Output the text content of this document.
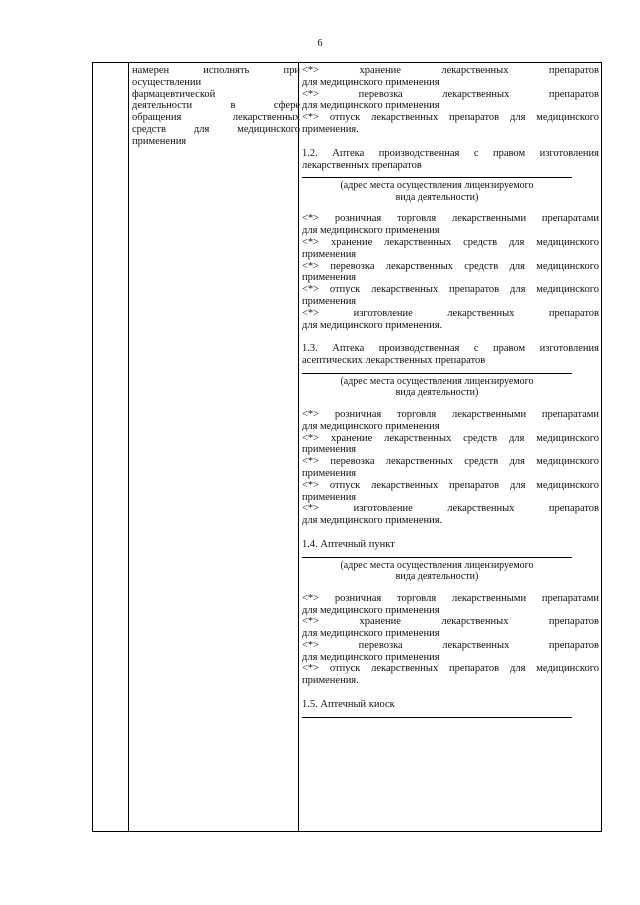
6
намерен исполнять при
осуществлении
фармацевтической
деятельности в сфере
обращения лекарственных
средств для медицинского
применения
<*> хранение лекарственных препаратов
для медицинского применения
<*> перевозка лекарственных препаратов
для медицинского применения
<*> отпуск лекарственных препаратов для медицинского
применения.
1.2. Аптека производственная с правом изготовления
лекарственных препаратов
(адрес места осуществления лицензируемого
вида деятельности)
<*> розничная торговля лекарственными препаратами
для медицинского применения
<*> хранение лекарственных средств для медицинского
применения
<*> перевозка лекарственных средств для медицинского
применения
<*> отпуск лекарственных препаратов для медицинского
применения
<*> изготовление лекарственных препаратов
для медицинского применения.
1.3. Аптека производственная с правом изготовления
асептических лекарственных препаратов
(адрес места осуществления лицензируемого
вида деятельности)
<*> розничная торговля лекарственными препаратами
для медицинского применения
<*> хранение лекарственных средств для медицинского
применения
<*> перевозка лекарственных средств для медицинского
применения
<*> отпуск лекарственных препаратов для медицинского
применения
<*> изготовление лекарственных препаратов
для медицинского применения.
1.4. Аптечный пункт
(адрес места осуществления лицензируемого
вида деятельности)
<*> розничная торговля лекарственными препаратами
для медицинского применения
<*> хранение лекарственных препаратов
для медицинского применения
<*> перевозка лекарственных препаратов
для медицинского применения
<*> отпуск лекарственных препаратов для медицинского
применения.
1.5. Аптечный киоск
